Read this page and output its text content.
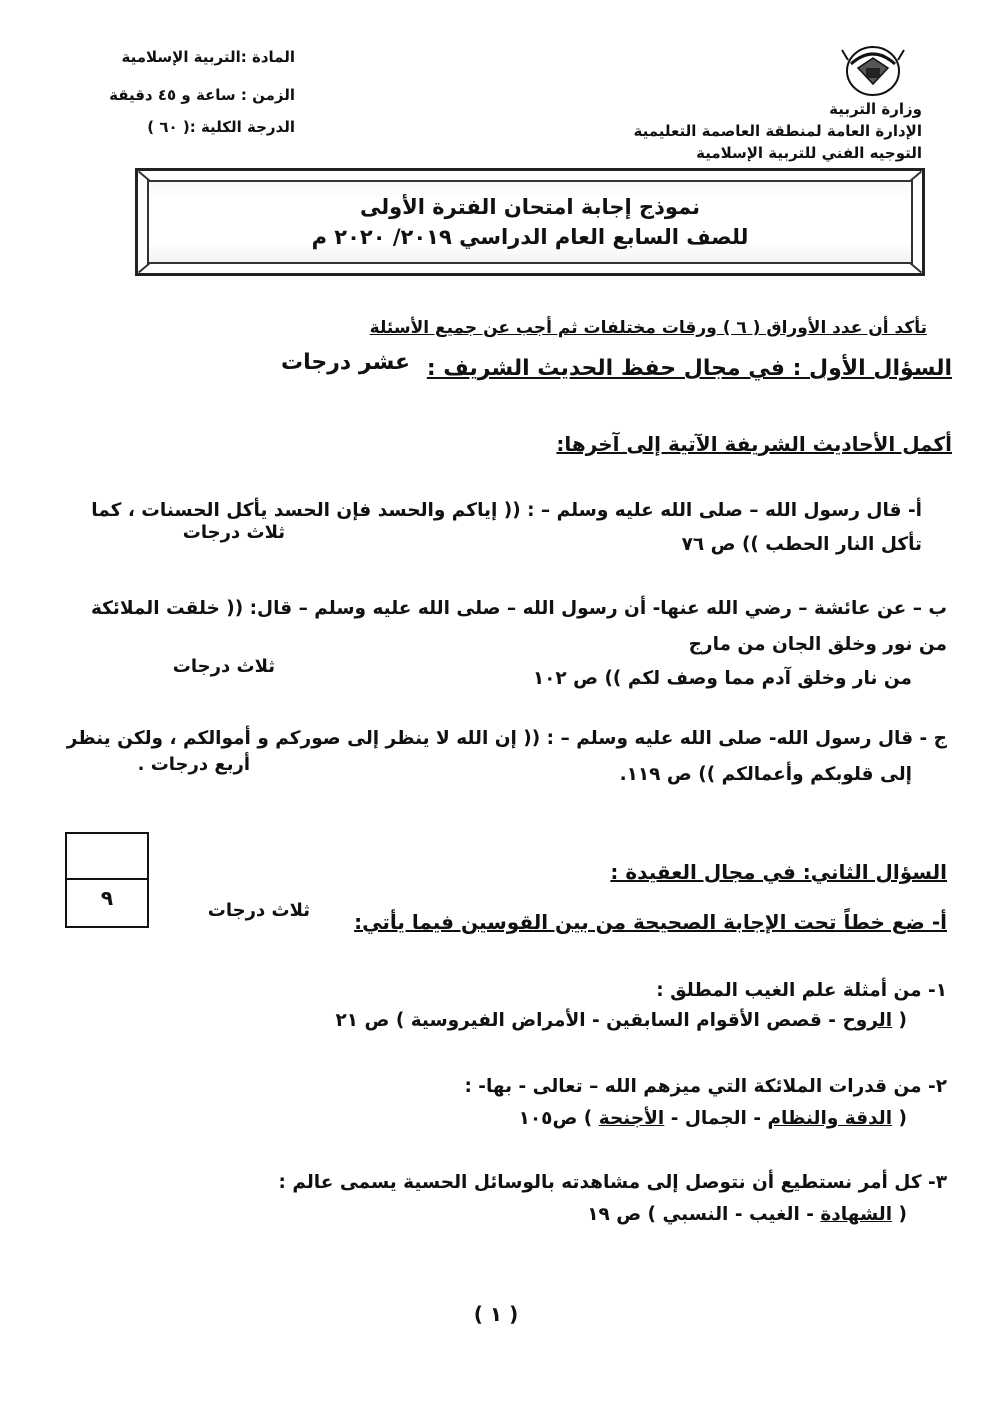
المادة :التربية الإسلامية
الزمن : ساعة و ٤٥ دقيقة
الدرجة الكلية :( ٦٠ )
وزارة التربية
الإدارة العامة لمنطقة العاصمة التعليمية
التوجيه الفني للتربية الإسلامية
نموذج إجابة امتحان الفترة الأولى
للصف السابع العام الدراسي ٢٠١٩/ ٢٠٢٠ م
تأكد أن عدد الأوراق ( ٦ ) ورقات مختلفات ثم أجب عن جميع الأسئلة
السؤال الأول : في مجال حفظ الحديث الشريف :
عشر درجات
أكمل الأحاديث الشريفة الآتية إلى آخرها:
أ- قال رسول الله – صلى الله عليه وسلم – : (( إياكم والحسد فإن الحسد يأكل الحسنات ، كما
تأكل النار الحطب )) ص ٧٦
ثلاث درجات
ب – عن عائشة – رضي الله عنها- أن رسول الله – صلى الله عليه وسلم – قال: (( خلقت الملائكة
من نور وخلق الجان من مارج
من نار وخلق آدم مما وصف لكم )) ص ١٠٢
ثلاث درجات
ج - قال رسول الله- صلى الله عليه وسلم – : (( إن الله لا ينظر إلى صوركم و أموالكم ، ولكن ينظر
إلى قلوبكم وأعمالكم )) ص ١١٩.
أربع درجات .
٩
السؤال الثاني: في مجال العقيدة :
أ- ضع خطاً تحت الإجابة الصحيحة من بين القوسين فيما يأتي:
ثلاث درجات
١- من أمثلة علم الغيب المطلق :
( الروح - قصص الأقوام السابقين - الأمراض الفيروسية ) ص ٢١
٢- من قدرات الملائكة التي ميزهم الله – تعالى - بها- :
( الدقة والنظام - الجمال - الأجنحة ) ص١٠٥
٣- كل أمر نستطيع أن نتوصل إلى مشاهدته بالوسائل الحسية يسمى عالم :
( الشهادة - الغيب - النسبي ) ص ١٩
( ١ )
